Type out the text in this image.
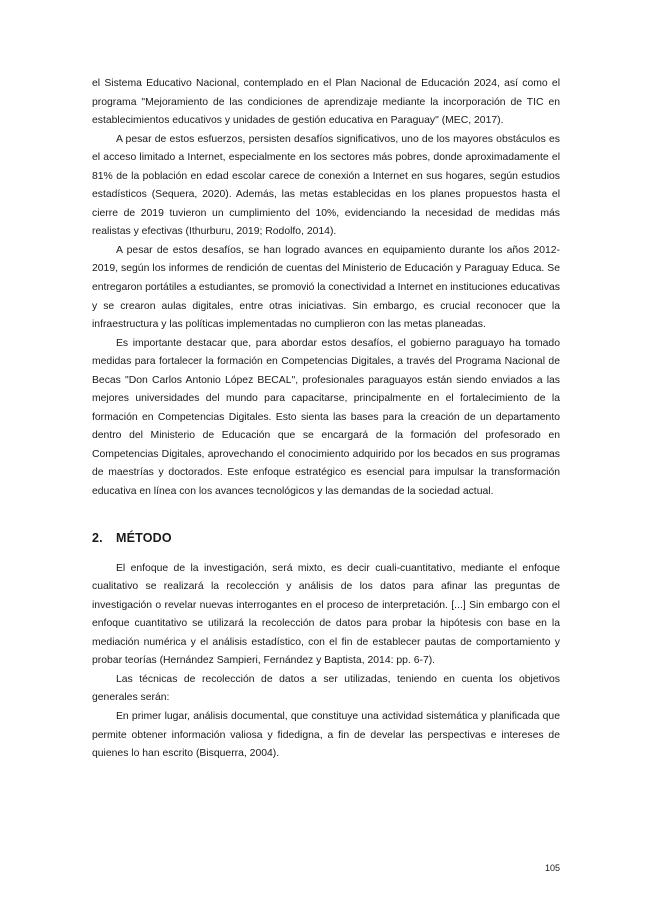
el Sistema Educativo Nacional, contemplado en el Plan Nacional de Educación 2024, así como el programa "Mejoramiento de las condiciones de aprendizaje mediante la incorporación de TIC en establecimientos educativos y unidades de gestión educativa en Paraguay" (MEC, 2017).

A pesar de estos esfuerzos, persisten desafíos significativos, uno de los mayores obstáculos es el acceso limitado a Internet, especialmente en los sectores más pobres, donde aproximadamente el 81% de la población en edad escolar carece de conexión a Internet en sus hogares, según estudios estadísticos (Sequera, 2020). Además, las metas establecidas en los planes propuestos hasta el cierre de 2019 tuvieron un cumplimiento del 10%, evidenciando la necesidad de medidas más realistas y efectivas (Ithurburu, 2019; Rodolfo, 2014).

A pesar de estos desafíos, se han logrado avances en equipamiento durante los años 2012-2019, según los informes de rendición de cuentas del Ministerio de Educación y Paraguay Educa. Se entregaron portátiles a estudiantes, se promovió la conectividad a Internet en instituciones educativas y se crearon aulas digitales, entre otras iniciativas. Sin embargo, es crucial reconocer que la infraestructura y las políticas implementadas no cumplieron con las metas planeadas.

Es importante destacar que, para abordar estos desafíos, el gobierno paraguayo ha tomado medidas para fortalecer la formación en Competencias Digitales, a través del Programa Nacional de Becas "Don Carlos Antonio López BECAL", profesionales paraguayos están siendo enviados a las mejores universidades del mundo para capacitarse, principalmente en el fortalecimiento de la formación en Competencias Digitales. Esto sienta las bases para la creación de un departamento dentro del Ministerio de Educación que se encargará de la formación del profesorado en Competencias Digitales, aprovechando el conocimiento adquirido por los becados en sus programas de maestrías y doctorados. Este enfoque estratégico es esencial para impulsar la transformación educativa en línea con los avances tecnológicos y las demandas de la sociedad actual.

2. MÉTODO

El enfoque de la investigación, será mixto, es decir cuali-cuantitativo, mediante el enfoque cualitativo se realizará la recolección y análisis de los datos para afinar las preguntas de investigación o revelar nuevas interrogantes en el proceso de interpretación. [...] Sin embargo con el enfoque cuantitativo se utilizará la recolección de datos para probar la hipótesis con base en la mediación numérica y el análisis estadístico, con el fin de establecer pautas de comportamiento y probar teorías (Hernández Sampieri, Fernández y Baptista, 2014: pp. 6-7).

Las técnicas de recolección de datos a ser utilizadas, teniendo en cuenta los objetivos generales serán:

En primer lugar, análisis documental, que constituye una actividad sistemática y planificada que permite obtener información valiosa y fidedigna, a fin de develar las perspectivas e intereses de quienes lo han escrito (Bisquerra, 2004).

105
